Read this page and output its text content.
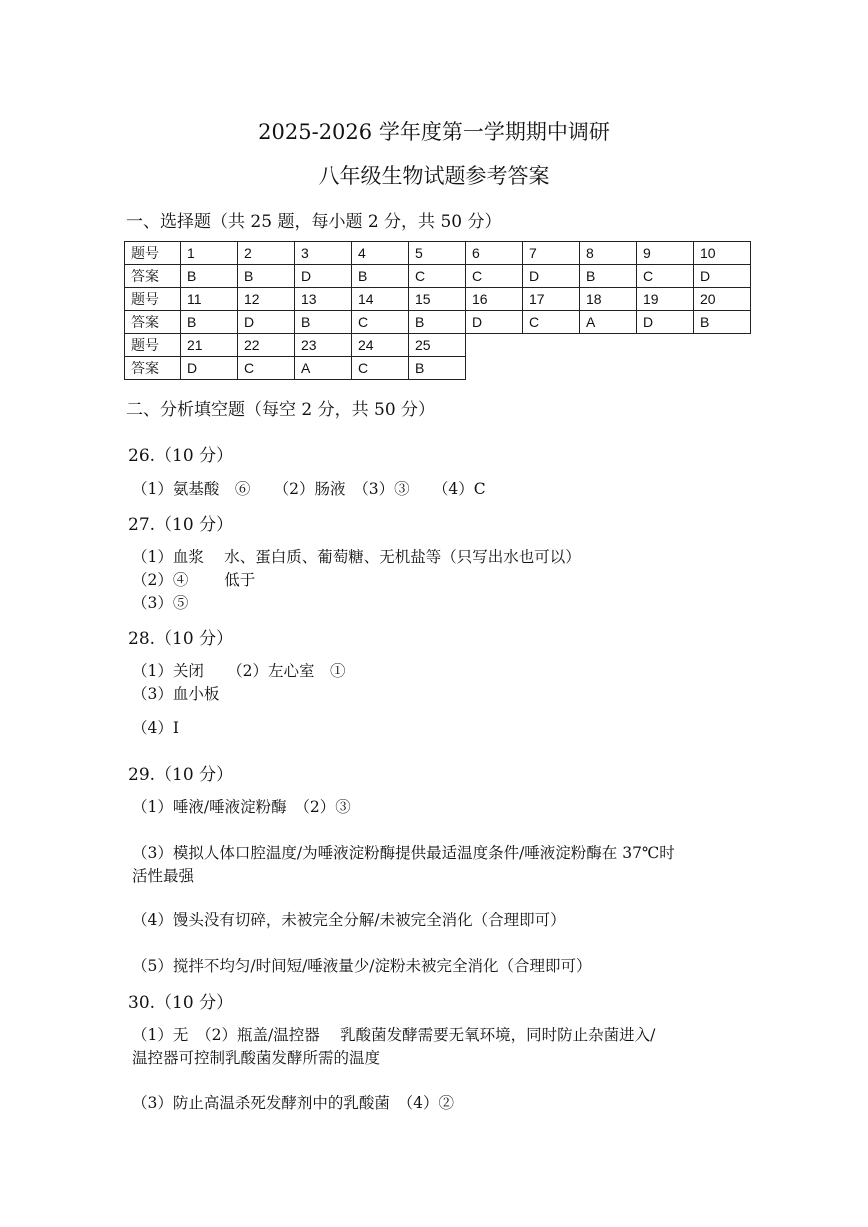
2025-2026 学年度第一学期期中调研
八年级生物试题参考答案
一、选择题（共 25 题，每小题 2 分，共 50 分）
题号	1	2	3	4	5	6	7	8	9	10
答案	B	B	D	B	C	C	D	B	C	D
题号	11	12	13	14	15	16	17	18	19	20
答案	B	D	B	C	B	D	C	A	D	B
题号	21	22	23	24	25					
答案	D	C	A	C	B					
二、分析填空题（每空 2 分，共 50 分）
26.（10 分）
（1）氨基酸　⑥　　（2）肠液　（3）③　　（4）C
27.（10 分）
（1）血浆　 水、蛋白质、葡萄糖、无机盐等（只写出水也可以）
（2）④　　 低于
（3）⑤
28.（10 分）
（1）关闭　　（2）左心室　①
（3）血小板
（4）Ⅰ
29.（10 分）
（1）唾液/唾液淀粉酶　（2）③
（3）模拟人体口腔温度/为唾液淀粉酶提供最适温度条件/唾液淀粉酶在 37℃时
活性最强
（4）馒头没有切碎，未被完全分解/未被完全消化（合理即可）
（5）搅拌不均匀/时间短/唾液量少/淀粉未被完全消化（合理即可）
30.（10 分）
（1）无　（2）瓶盖/温控器　 乳酸菌发酵需要无氧环境，同时防止杂菌进入/
温控器可控制乳酸菌发酵所需的温度
（3）防止高温杀死发酵剂中的乳酸菌　（4）②
